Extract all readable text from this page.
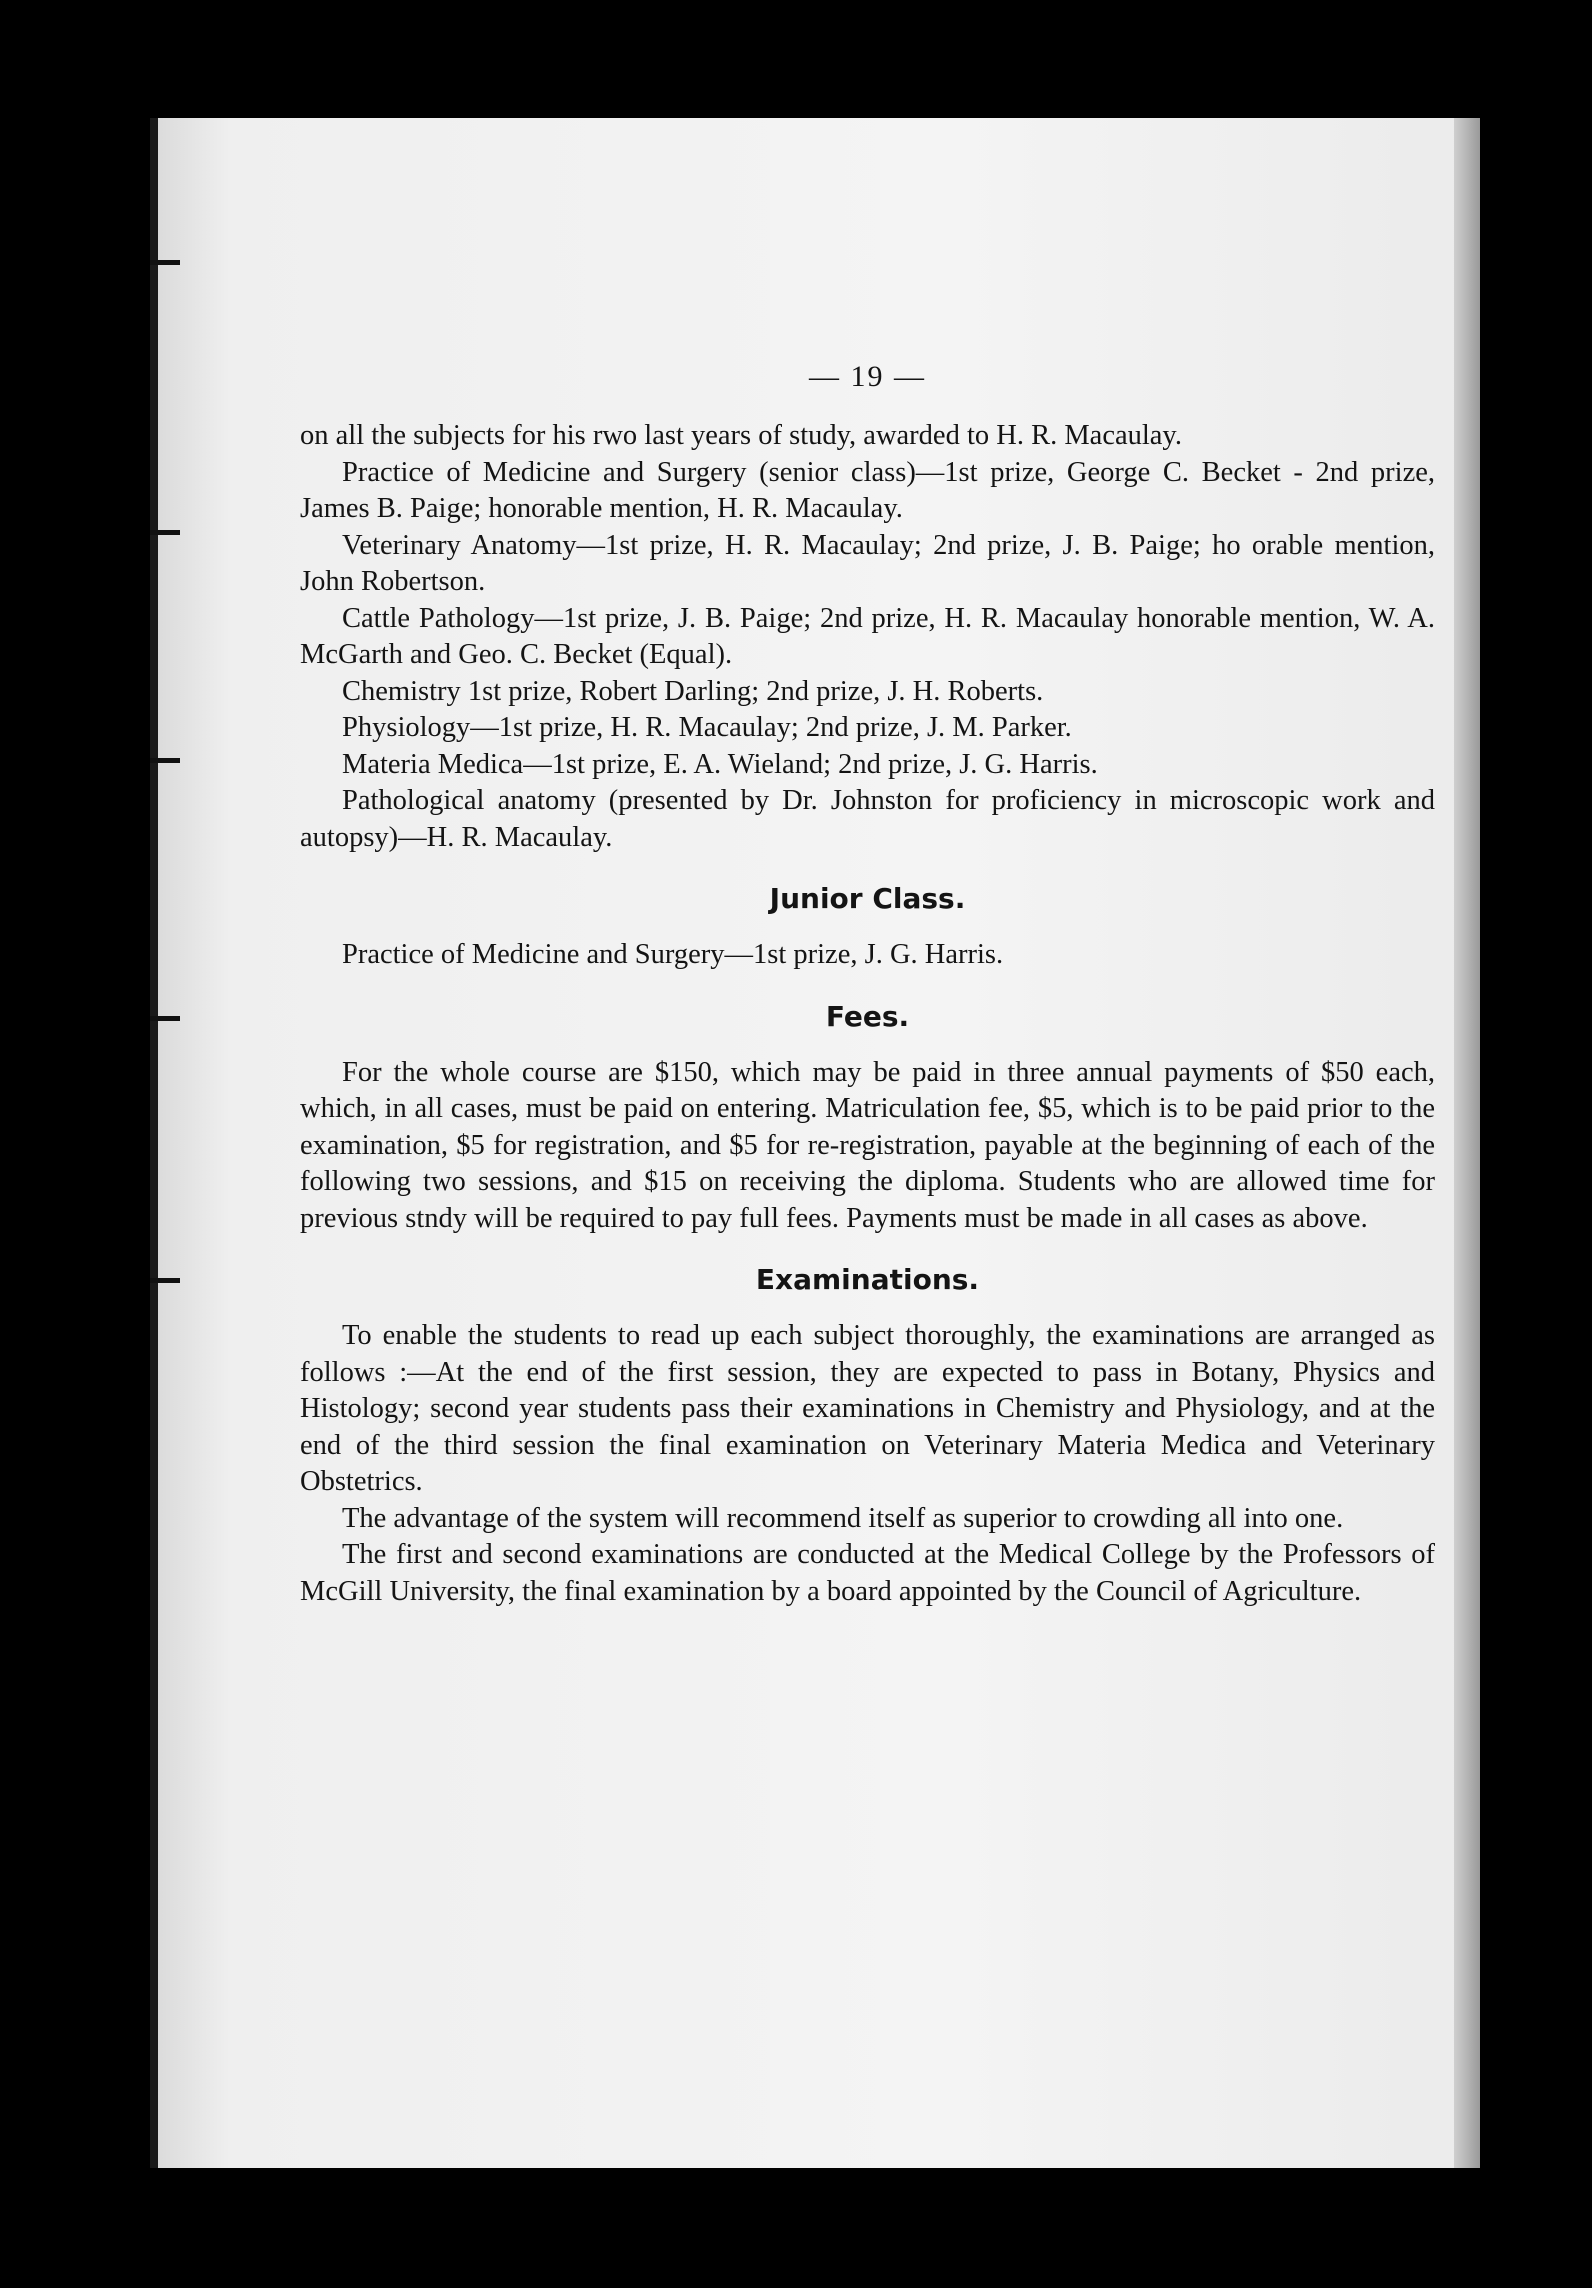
— 19 —

on all the subjects for his rwo last years of study, awarded to H. R. Macaulay.

Practice of Medicine and Surgery (senior class)—1st prize, George C. Becket - 2nd prize, James B. Paige; honorable mention, H. R. Macaulay.

Veterinary Anatomy—1st prize, H. R. Macaulay; 2nd prize, J. B. Paige; ho orable mention, John Robertson.

Cattle Pathology—1st prize, J. B. Paige; 2nd prize, H. R. Macaulay honorable mention, W. A. McGarth and Geo. C. Becket (Equal).

Chemistry 1st prize, Robert Darling; 2nd prize, J. H. Roberts.

Physiology—1st prize, H. R. Macaulay; 2nd prize, J. M. Parker.

Materia Medica—1st prize, E. A. Wieland; 2nd prize, J. G. Harris.

Pathological anatomy (presented by Dr. Johnston for proficiency in microscopic work and autopsy)—H. R. Macaulay.

Junior Class.

Practice of Medicine and Surgery—1st prize, J. G. Harris.

Fees.

For the whole course are $150, which may be paid in three annual payments of $50 each, which, in all cases, must be paid on entering. Matriculation fee, $5, which is to be paid prior to the examination, $5 for registration, and $5 for re-registration, payable at the beginning of each of the following two sessions, and $15 on receiving the diploma. Students who are allowed time for previous stndy will be required to pay full fees. Payments must be made in all cases as above.

Examinations.

To enable the students to read up each subject thoroughly, the examinations are arranged as follows :—At the end of the first session, they are expected to pass in Botany, Physics and Histology; second year students pass their examinations in Chemistry and Physiology, and at the end of the third session the final examination on Veterinary Materia Medica and Veterinary Obstetrics.

The advantage of the system will recommend itself as superior to crowding all into one.

The first and second examinations are conducted at the Medical College by the Professors of McGill University, the final examination by a board appointed by the Council of Agriculture.
